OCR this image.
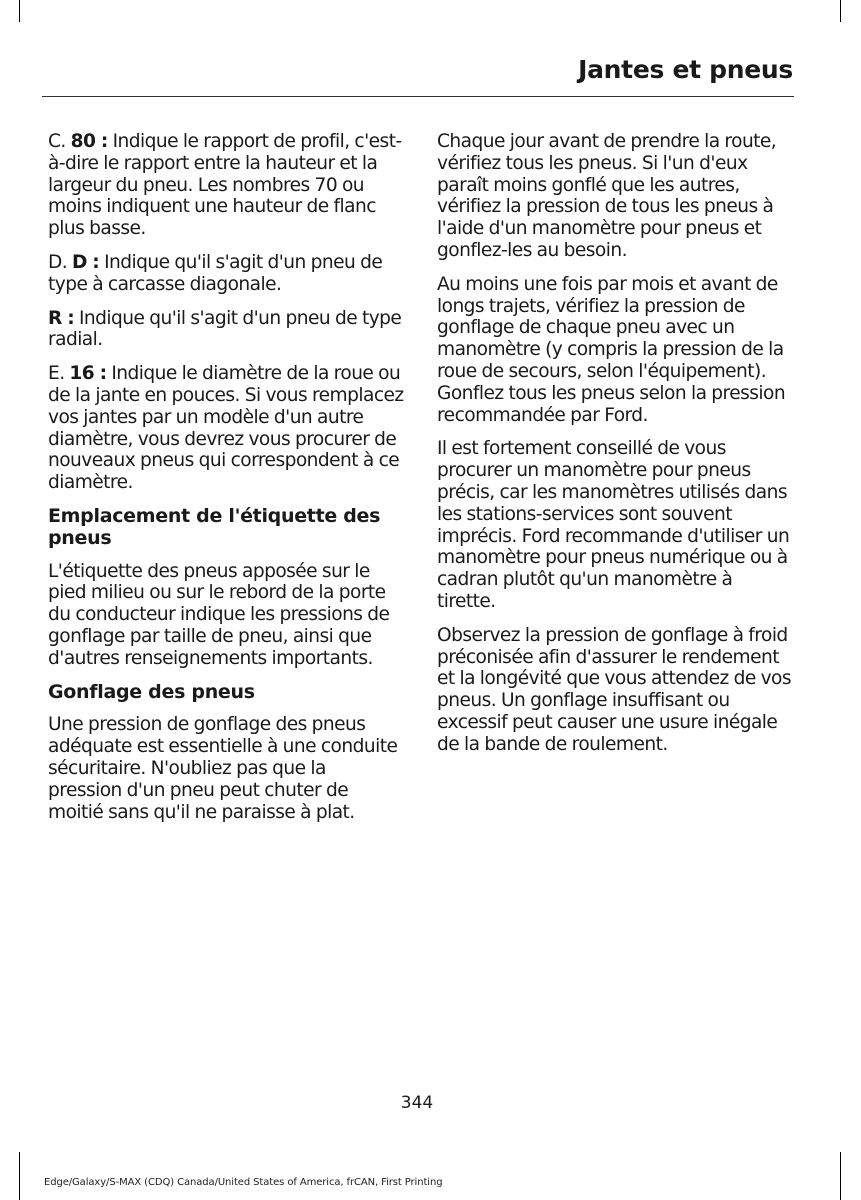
Jantes et pneus

C. 80 : Indique le rapport de profil, c'est-à-dire le rapport entre la hauteur et la largeur du pneu. Les nombres 70 ou moins indiquent une hauteur de flanc plus basse.

D. D : Indique qu'il s'agit d'un pneu de type à carcasse diagonale.

R : Indique qu'il s'agit d'un pneu de type radial.

E. 16 : Indique le diamètre de la roue ou de la jante en pouces. Si vous remplacez vos jantes par un modèle d'un autre diamètre, vous devrez vous procurer de nouveaux pneus qui correspondent à ce diamètre.

Emplacement de l'étiquette des pneus

L'étiquette des pneus apposée sur le pied milieu ou sur le rebord de la porte du conducteur indique les pressions de gonflage par taille de pneu, ainsi que d'autres renseignements importants.

Gonflage des pneus

Une pression de gonflage des pneus adéquate est essentielle à une conduite sécuritaire. N'oubliez pas que la pression d'un pneu peut chuter de moitié sans qu'il ne paraisse à plat.

Chaque jour avant de prendre la route, vérifiez tous les pneus. Si l'un d'eux paraît moins gonflé que les autres, vérifiez la pression de tous les pneus à l'aide d'un manomètre pour pneus et gonflez-les au besoin.

Au moins une fois par mois et avant de longs trajets, vérifiez la pression de gonflage de chaque pneu avec un manomètre (y compris la pression de la roue de secours, selon l'équipement). Gonflez tous les pneus selon la pression recommandée par Ford.

Il est fortement conseillé de vous procurer un manomètre pour pneus précis, car les manomètres utilisés dans les stations-services sont souvent imprécis. Ford recommande d'utiliser un manomètre pour pneus numérique ou à cadran plutôt qu'un manomètre à tirette.

Observez la pression de gonflage à froid préconisée afin d'assurer le rendement et la longévité que vous attendez de vos pneus. Un gonflage insuffisant ou excessif peut causer une usure inégale de la bande de roulement.

344

Edge/Galaxy/S-MAX (CDQ) Canada/United States of America, frCAN, First Printing
